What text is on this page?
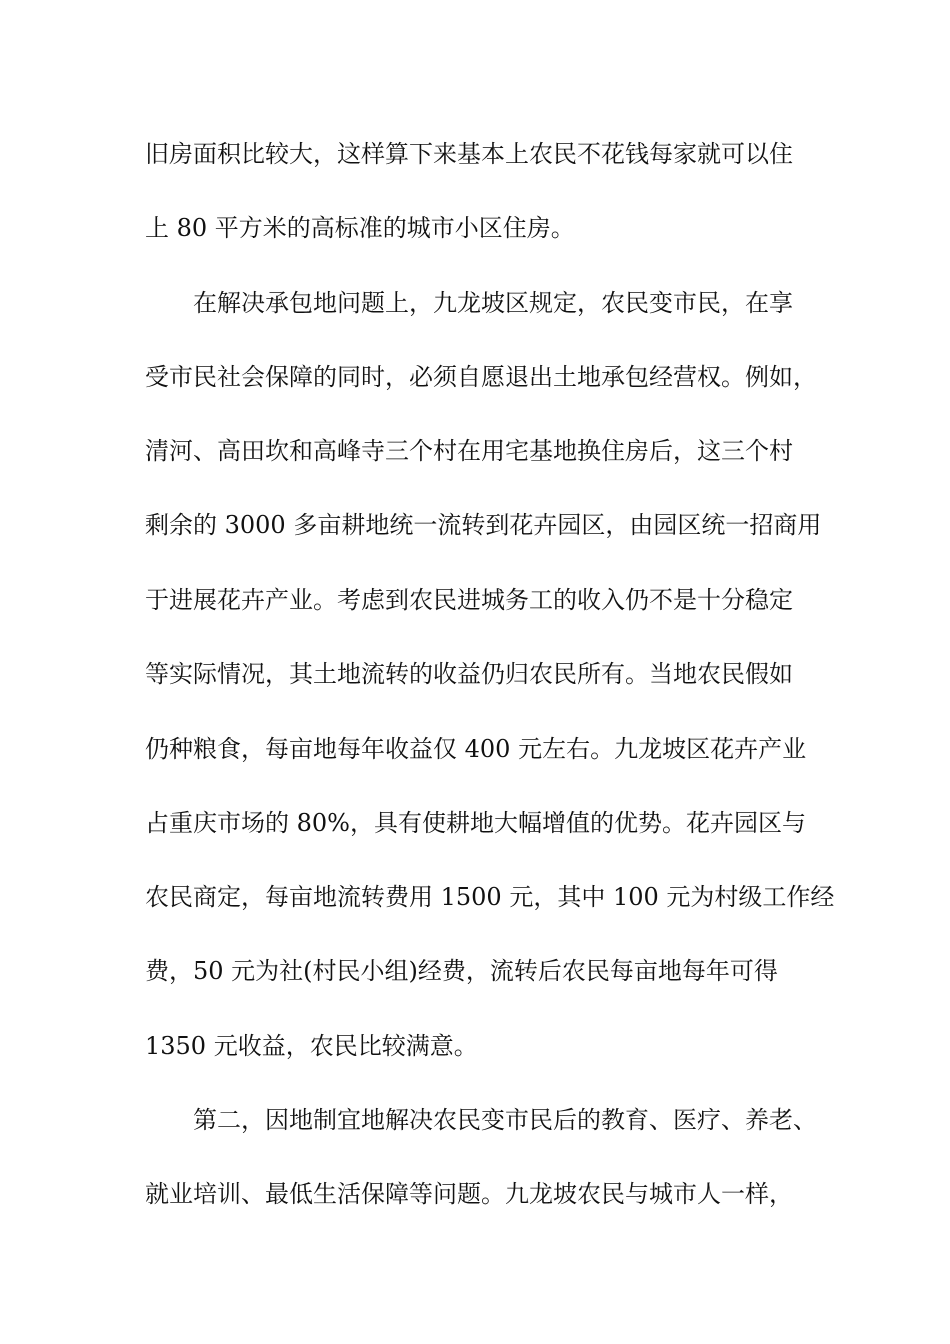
旧房面积比较大，这样算下来基本上农民不花钱每家就可以住
上 80 平方米的高标准的城市小区住房。
在解决承包地问题上，九龙坡区规定，农民变市民，在享
受市民社会保障的同时，必须自愿退出土地承包经营权。例如，
清河、高田坎和高峰寺三个村在用宅基地换住房后，这三个村
剩余的 3000 多亩耕地统一流转到花卉园区，由园区统一招商用
于进展花卉产业。考虑到农民进城务工的收入仍不是十分稳定
等实际情况，其土地流转的收益仍归农民所有。当地农民假如
仍种粮食，每亩地每年收益仅 400 元左右。九龙坡区花卉产业
占重庆市场的 80%，具有使耕地大幅增值的优势。花卉园区与
农民商定，每亩地流转费用 1500 元，其中 100 元为村级工作经
费，50 元为社(村民小组)经费，流转后农民每亩地每年可得
1350 元收益，农民比较满意。
第二，因地制宜地解决农民变市民后的教育、医疗、养老、
就业培训、最低生活保障等问题。九龙坡农民与城市人一样，
